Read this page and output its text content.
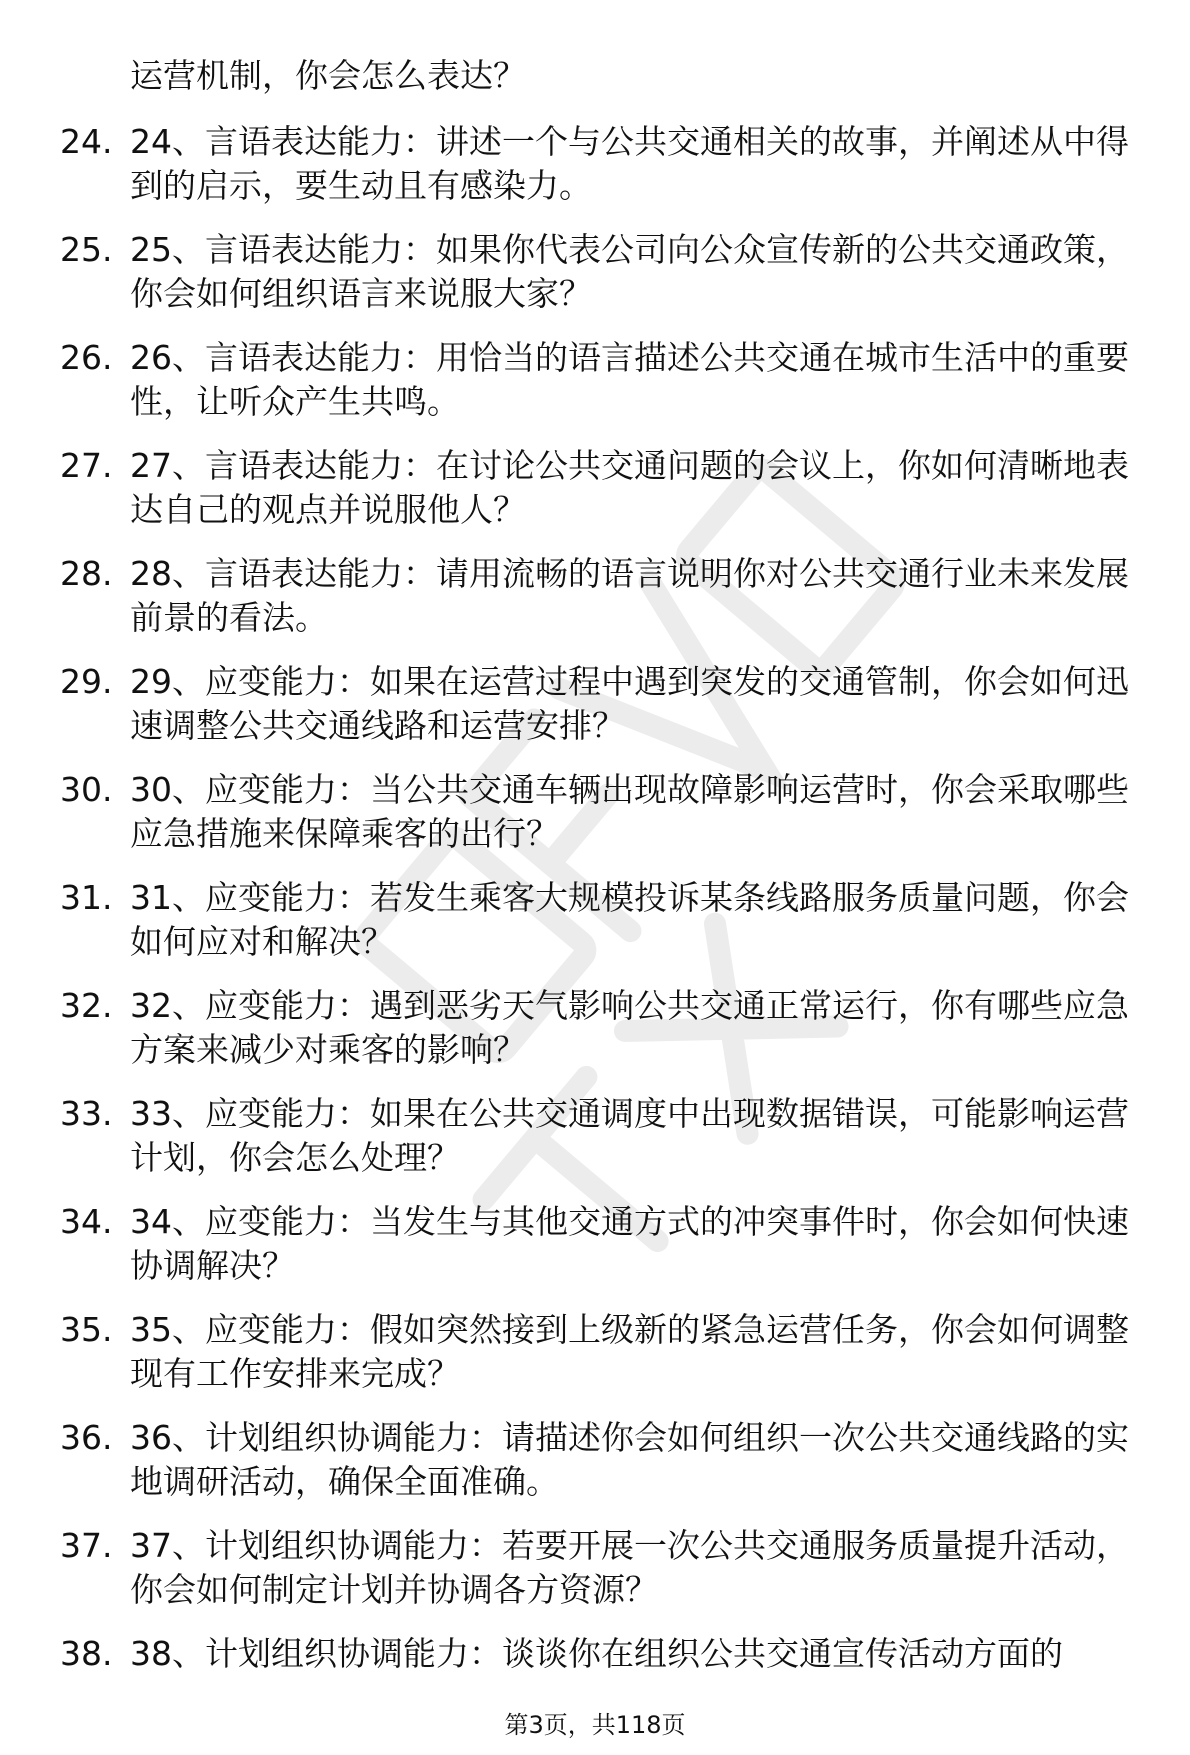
运营机制，你会怎么表达？
24. 24、言语表达能力：讲述一个与公共交通相关的故事，并阐述从中得到的启示，要生动且有感染力。
25. 25、言语表达能力：如果你代表公司向公众宣传新的公共交通政策，你会如何组织语言来说服大家？
26. 26、言语表达能力：用恰当的语言描述公共交通在城市生活中的重要性，让听众产生共鸣。
27. 27、言语表达能力：在讨论公共交通问题的会议上，你如何清晰地表达自己的观点并说服他人？
28. 28、言语表达能力：请用流畅的语言说明你对公共交通行业未来发展前景的看法。
29. 29、应变能力：如果在运营过程中遇到突发的交通管制，你会如何迅速调整公共交通线路和运营安排？
30. 30、应变能力：当公共交通车辆出现故障影响运营时，你会采取哪些应急措施来保障乘客的出行？
31. 31、应变能力：若发生乘客大规模投诉某条线路服务质量问题，你会如何应对和解决？
32. 32、应变能力：遇到恶劣天气影响公共交通正常运行，你有哪些应急方案来减少对乘客的影响？
33. 33、应变能力：如果在公共交通调度中出现数据错误，可能影响运营计划，你会怎么处理？
34. 34、应变能力：当发生与其他交通方式的冲突事件时，你会如何快速协调解决？
35. 35、应变能力：假如突然接到上级新的紧急运营任务，你会如何调整现有工作安排来完成？
36. 36、计划组织协调能力：请描述你会如何组织一次公共交通线路的实地调研活动，确保全面准确。
37. 37、计划组织协调能力：若要开展一次公共交通服务质量提升活动，你会如何制定计划并协调各方资源？
38. 38、计划组织协调能力：谈谈你在组织公共交通宣传活动方面的
第3页，共118页
